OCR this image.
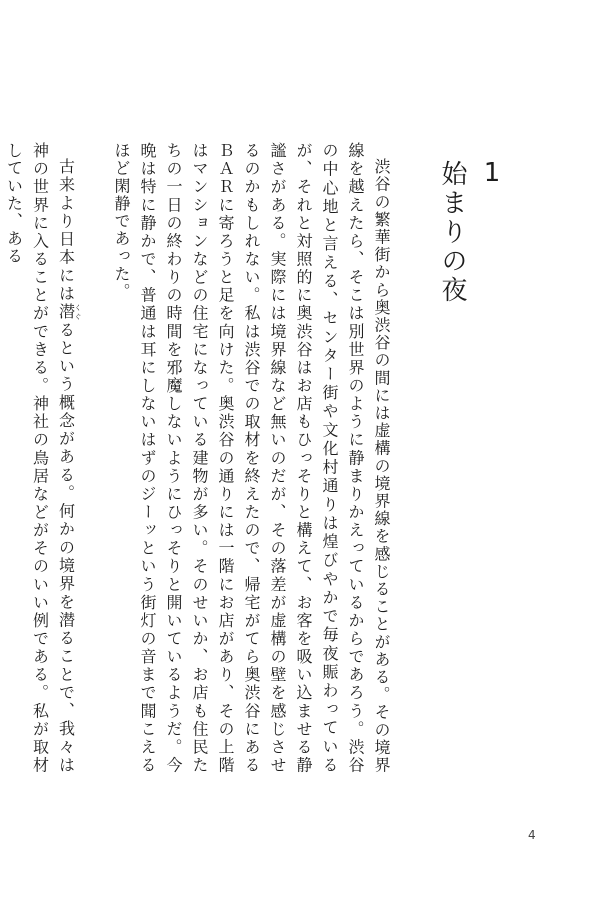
1
始まりの夜

渋谷の繁華街から奥渋谷の間には虚構の境界線を感じることがある。その境界線を越えたら、そこは別世界のように静まりかえっているからであろう。渋谷の中心地と言える、センター街や文化村通りは煌びやかで毎夜賑わっているが、それと対照的に奥渋谷はお店もひっそりと構えて、お客を吸い込ませる静謐さがある。実際には境界線など無いのだが、その落差が虚構の壁を感じさせるのかもしれない。私は渋谷での取材を終えたので、帰宅がてら奥渋谷にあるＢＡＲに寄ろうと足を向けた。奥渋谷の通りには一階にお店があり、その上階はマンションなどの住宅になっている建物が多い。そのせいか、お店も住民たちの一日の終わりの時間を邪魔しないようにひっそりと開いているようだ。今晩は特に静かで、普通は耳にしないはずのジーッという街灯の音まで聞こえるほど閑静であった。

古来より日本には潜くぐるという概念がある。何かの境界を潜ることで、我々は神の世界に入ることができる。神社の鳥居などがそのいい例である。私が取材していた、ある

4
